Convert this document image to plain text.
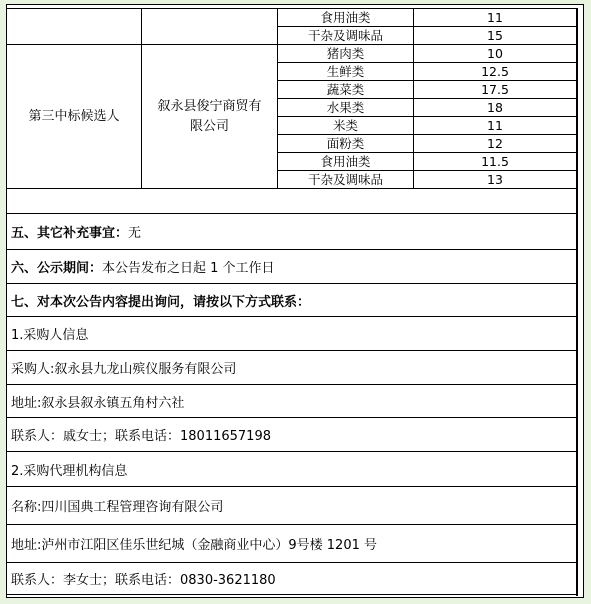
		食用油类	11
		干杂及调味品	15
第三中标候选人	叙永县俊宁商贸有限公司	猪肉类	10
		生鲜类	12.5
		蔬菜类	17.5
		水果类	18
		米类	11
		面粉类	12
		食用油类	11.5
		干杂及调味品	13
五、其它补充事宜： 无
六、公示期间： 本公告发布之日起 1 个工作日
七、对本次公告内容提出询问，请按以下方式联系：
1.采购人信息
采购人:叙永县九龙山殡仪服务有限公司
地址:叙永县叙永镇五角村六社
联系人：戚女士；联系电话：18011657198
2.采购代理机构信息
名称:四川国典工程管理咨询有限公司
地址:泸州市江阳区佳乐世纪城（金融商业中心）9号楼 1201 号
联系人：李女士；联系电话：0830-3621180
